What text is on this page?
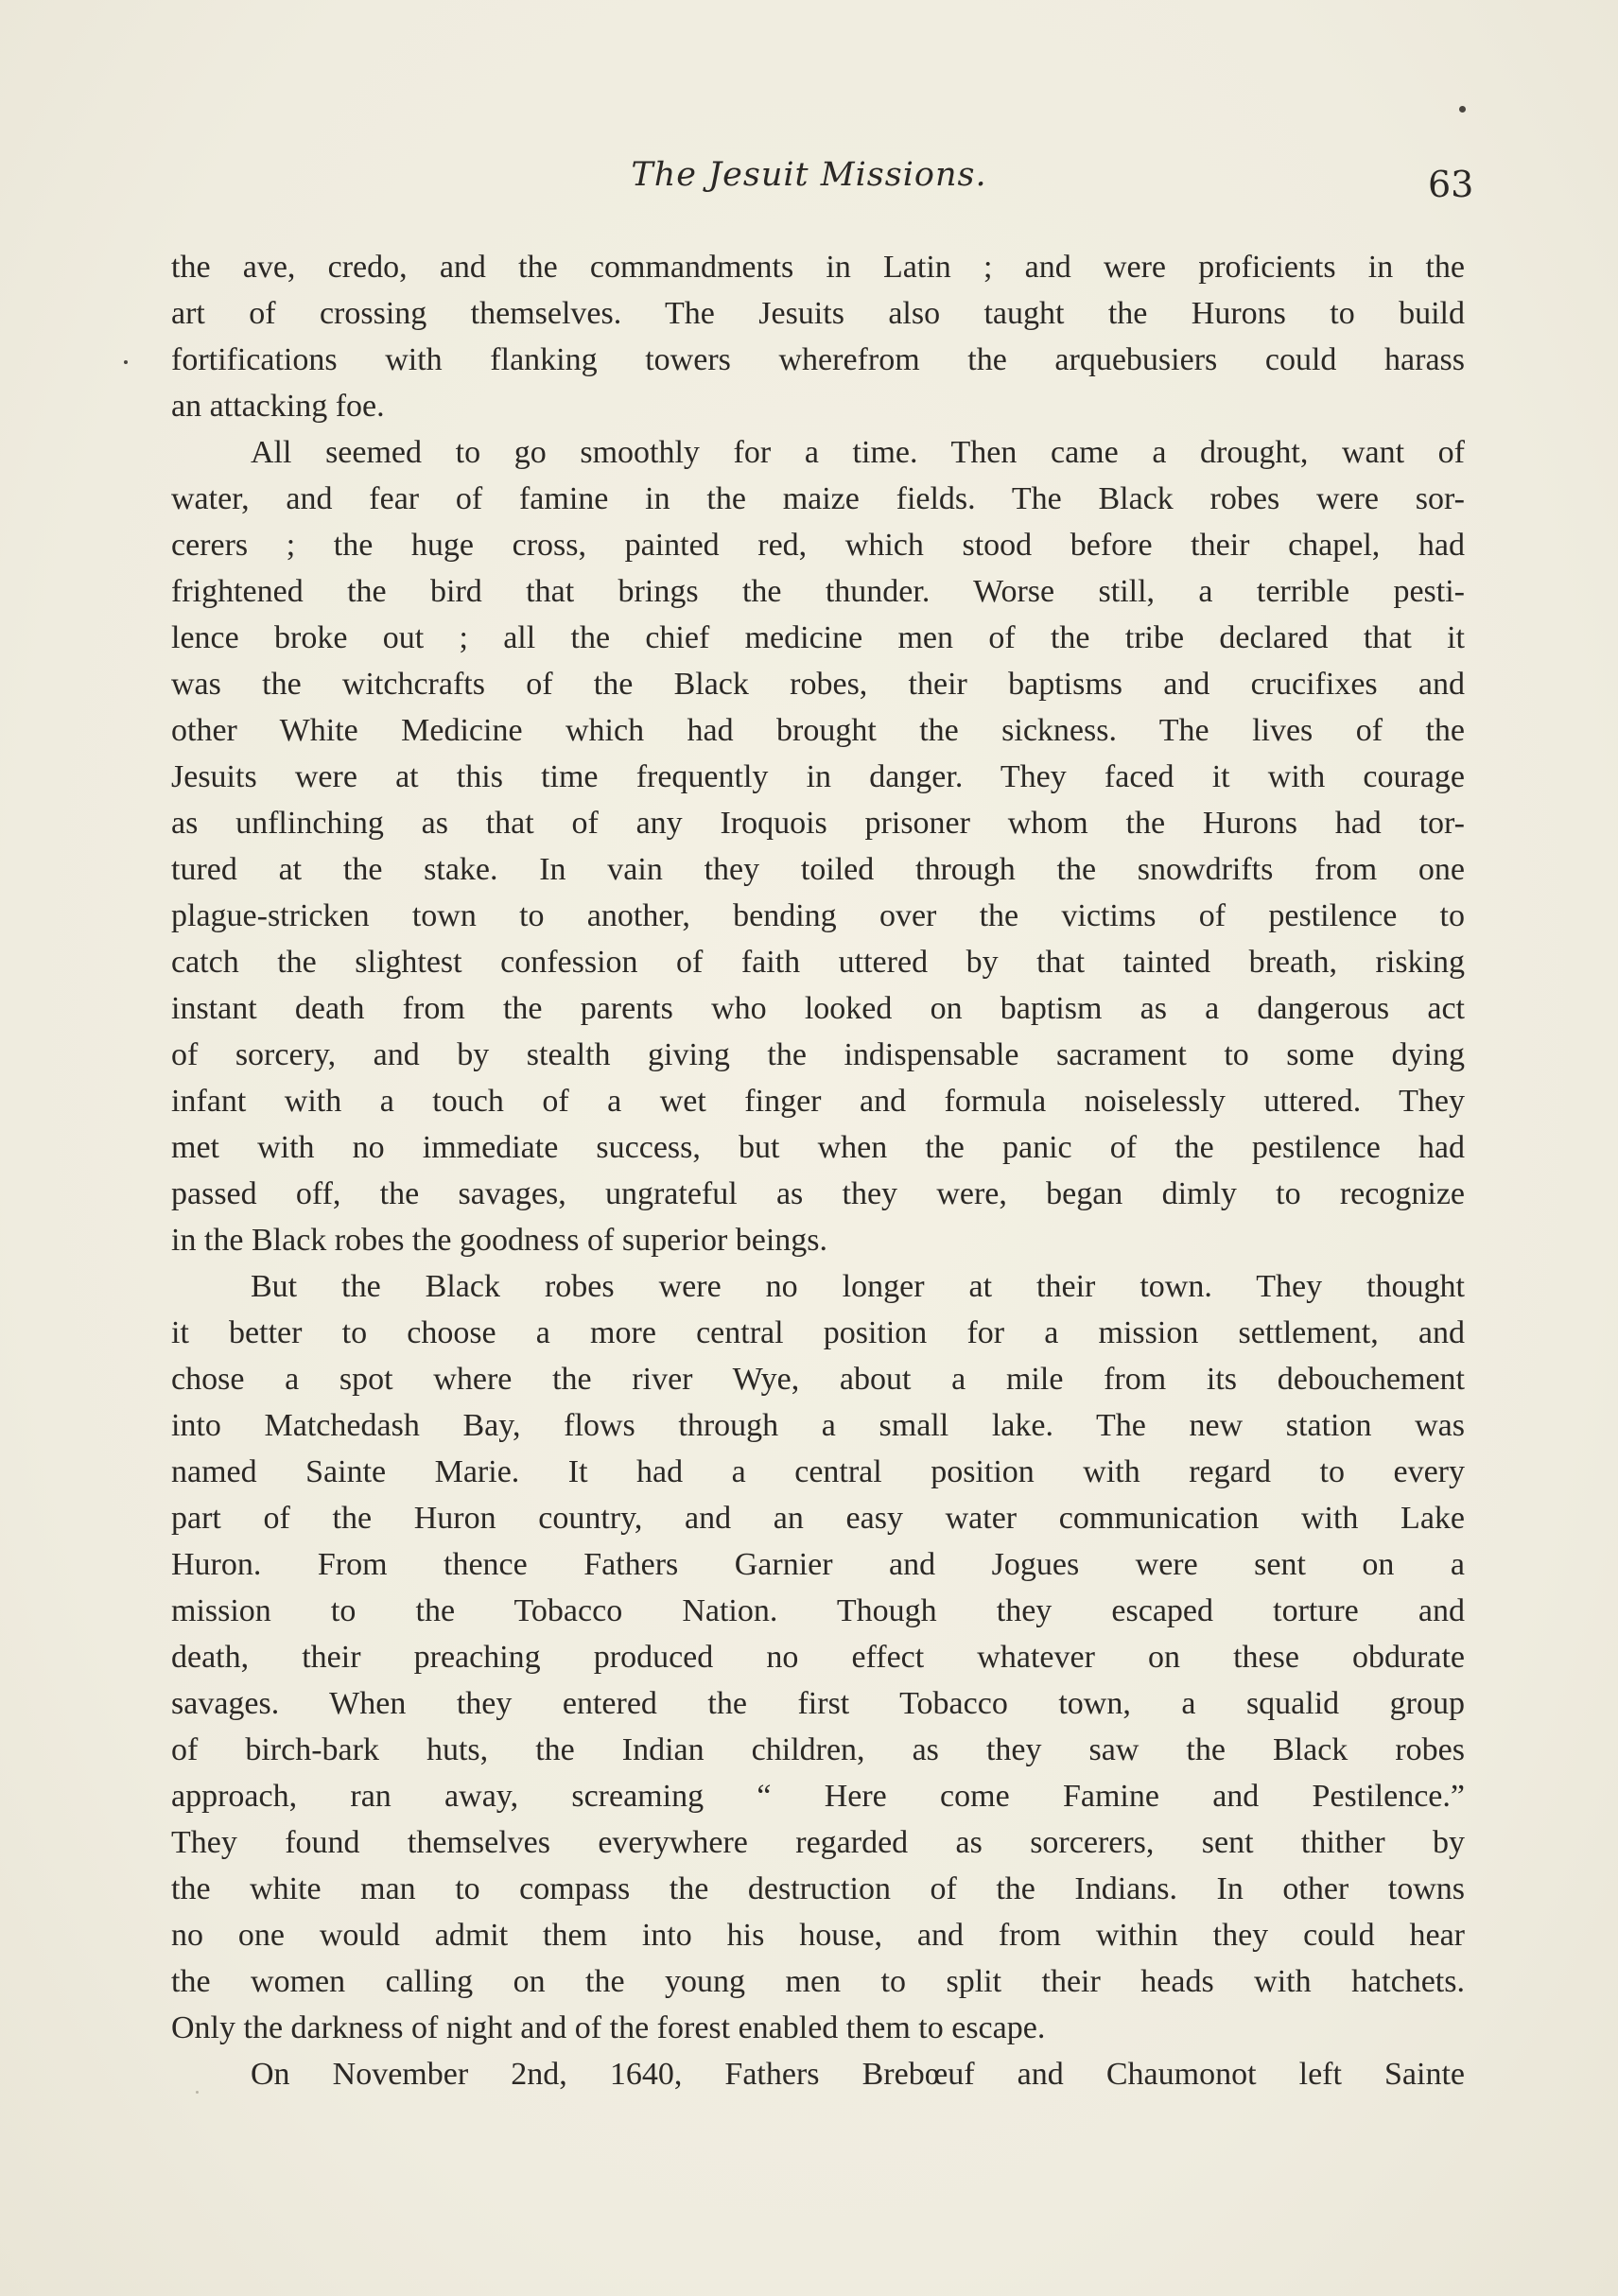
The Jesuit Missions.	63
the ave, credo, and the commandments in Latin ; and were proficients in the
art of crossing themselves. The Jesuits also taught the Hurons to build
fortifications with flanking towers wherefrom the arquebusiers could harass
an attacking foe.
All seemed to go smoothly for a time. Then came a drought, want of
water, and fear of famine in the maize fields. The Black robes were sor-
cerers ; the huge cross, painted red, which stood before their chapel, had
frightened the bird that brings the thunder. Worse still, a terrible pesti-
lence broke out ; all the chief medicine men of the tribe declared that it
was the witchcrafts of the Black robes, their baptisms and crucifixes and
other White Medicine which had brought the sickness. The lives of the
Jesuits were at this time frequently in danger. They faced it with courage
as unflinching as that of any Iroquois prisoner whom the Hurons had tor-
tured at the stake. In vain they toiled through the snowdrifts from one
plague-stricken town to another, bending over the victims of pestilence to
catch the slightest confession of faith uttered by that tainted breath, risking
instant death from the parents who looked on baptism as a dangerous act
of sorcery, and by stealth giving the indispensable sacrament to some dying
infant with a touch of a wet finger and formula noiselessly uttered. They
met with no immediate success, but when the panic of the pestilence had
passed off, the savages, ungrateful as they were, began dimly to recognize
in the Black robes the goodness of superior beings.
But the Black robes were no longer at their town. They thought
it better to choose a more central position for a mission settlement, and
chose a spot where the river Wye, about a mile from its debouchement
into Matchedash Bay, flows through a small lake. The new station was
named Sainte Marie. It had a central position with regard to every
part of the Huron country, and an easy water communication with Lake
Huron. From thence Fathers Garnier and Jogues were sent on a
mission to the Tobacco Nation. Though they escaped torture and
death, their preaching produced no effect whatever on these obdurate
savages. When they entered the first Tobacco town, a squalid group
of birch-bark huts, the Indian children, as they saw the Black robes
approach, ran away, screaming “ Here come Famine and Pestilence.”
They found themselves everywhere regarded as sorcerers, sent thither by
the white man to compass the destruction of the Indians. In other towns
no one would admit them into his house, and from within they could hear
the women calling on the young men to split their heads with hatchets.
Only the darkness of night and of the forest enabled them to escape.
On November 2nd, 1640, Fathers Brebœuf and Chaumonot left Sainte
